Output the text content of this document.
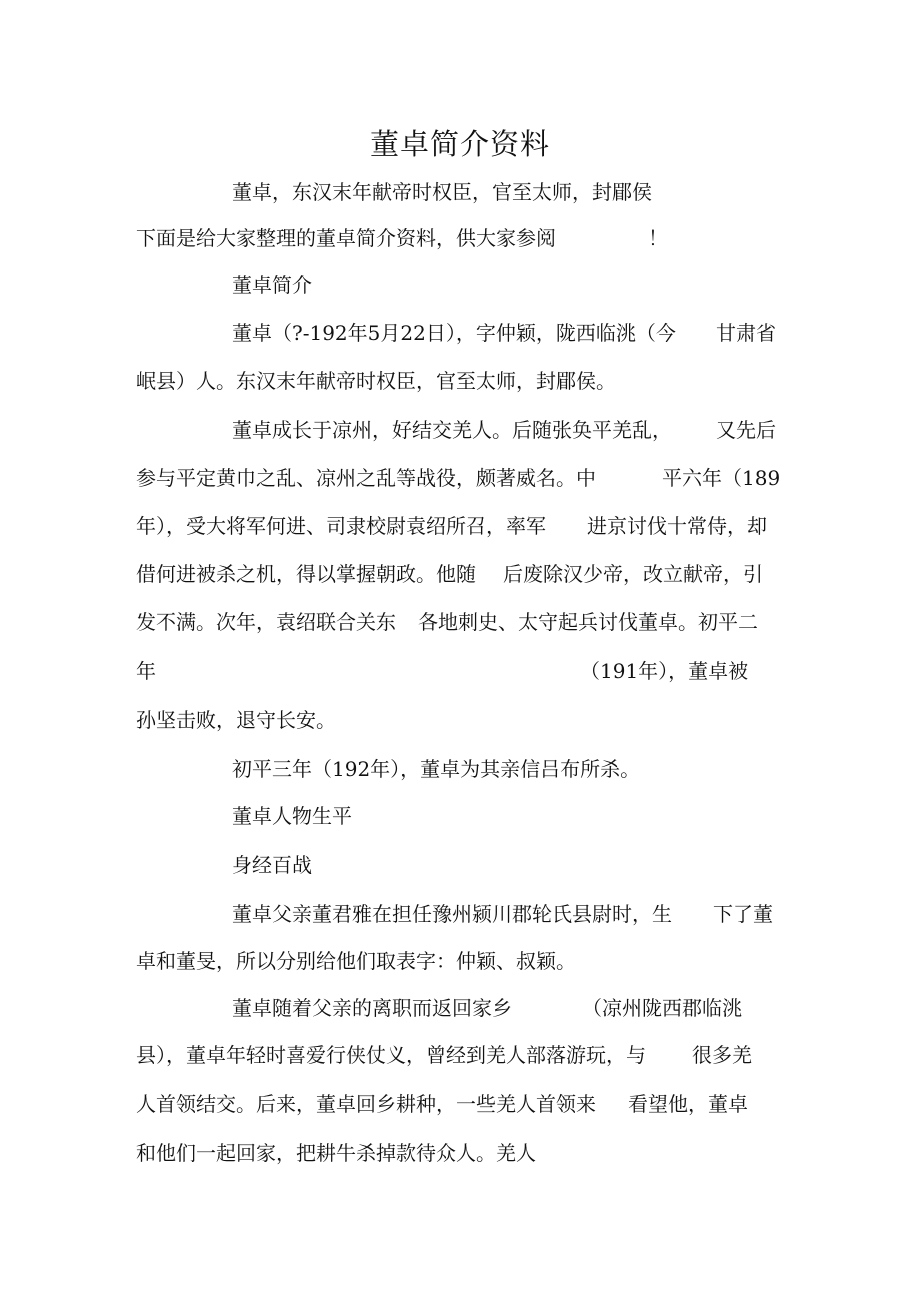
董卓简介资料
董卓，东汉末年献帝时权臣，官至太师，封郿侯
下面是给大家整理的董卓简介资料，供大家参阅	！
董卓简介
董卓（?-192年5月22日），字仲颖，陇西临洮（今 甘肃省
岷县）人。东汉末年献帝时权臣，官至太师，封郿侯。
董卓成长于凉州，好结交羌人。后随张奂平羌乱， 又先后
参与平定黄巾之乱、凉州之乱等战役，颇著威名。中	平六年（189
年），受大将军何进、司隶校尉袁绍所召，率军 进京讨伐十常侍，却
借何进被杀之机，得以掌握朝政。他随 后废除汉少帝，改立献帝，引
发不满。次年，袁绍联合关东 各地刺史、太守起兵讨伐董卓。初平二
年	（191年），董卓被
孙坚击败，退守长安。
初平三年（192年），董卓为其亲信吕布所杀。
董卓人物生平
身经百战
董卓父亲董君雅在担任豫州颍川郡轮氏县尉时，生 下了董
卓和董旻，所以分别给他们取表字：仲颖、叔颖。
董卓随着父亲的离职而返回家乡	（凉州陇西郡临洮
县），董卓年轻时喜爱行侠仗义，曾经到羌人部落游玩，与 很多羌
人首领结交。后来，董卓回乡耕种，一些羌人首领来 看望他，董卓
和他们一起回家，把耕牛杀掉款待众人。羌人
